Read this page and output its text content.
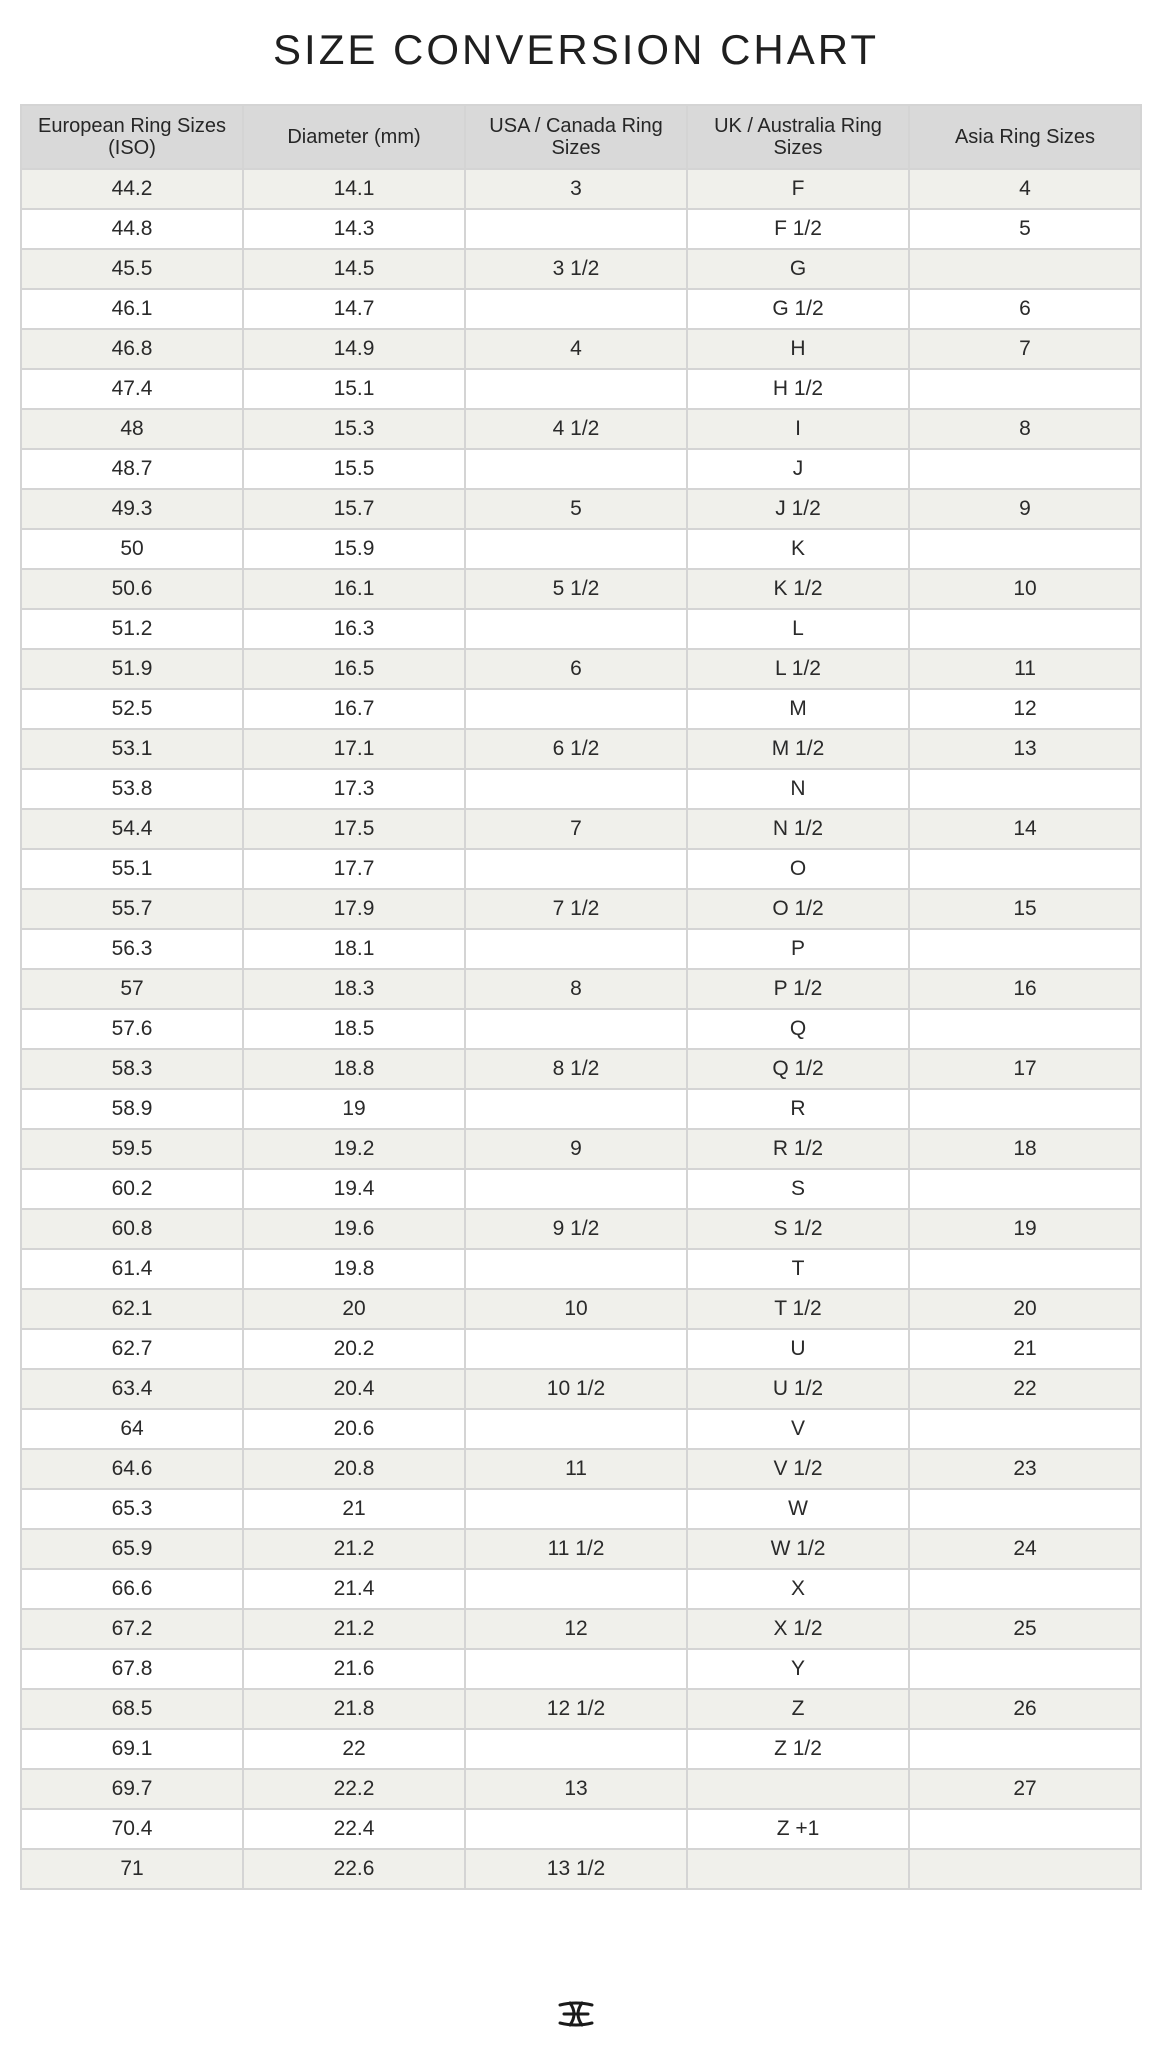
SIZE CONVERSION CHART
European Ring Sizes (ISO)	Diameter (mm)	USA / Canada Ring Sizes	UK / Australia Ring Sizes	Asia Ring Sizes
44.2	14.1	3	F	4
44.8	14.3		F 1/2	5
45.5	14.5	3 1/2	G	
46.1	14.7		G 1/2	6
46.8	14.9	4	H	7
47.4	15.1		H 1/2	
48	15.3	4 1/2	I	8
48.7	15.5		J	
49.3	15.7	5	J 1/2	9
50	15.9		K	
50.6	16.1	5 1/2	K 1/2	10
51.2	16.3		L	
51.9	16.5	6	L 1/2	11
52.5	16.7		M	12
53.1	17.1	6 1/2	M 1/2	13
53.8	17.3		N	
54.4	17.5	7	N 1/2	14
55.1	17.7		O	
55.7	17.9	7 1/2	O 1/2	15
56.3	18.1		P	
57	18.3	8	P 1/2	16
57.6	18.5		Q	
58.3	18.8	8 1/2	Q 1/2	17
58.9	19		R	
59.5	19.2	9	R 1/2	18
60.2	19.4		S	
60.8	19.6	9 1/2	S 1/2	19
61.4	19.8		T	
62.1	20	10	T 1/2	20
62.7	20.2		U	21
63.4	20.4	10 1/2	U 1/2	22
64	20.6		V	
64.6	20.8	11	V 1/2	23
65.3	21		W	
65.9	21.2	11 1/2	W 1/2	24
66.6	21.4		X	
67.2	21.2	12	X 1/2	25
67.8	21.6		Y	
68.5	21.8	12 1/2	Z	26
69.1	22		Z 1/2	
69.7	22.2	13		27
70.4	22.4		Z +1	
71	22.6	13 1/2		
